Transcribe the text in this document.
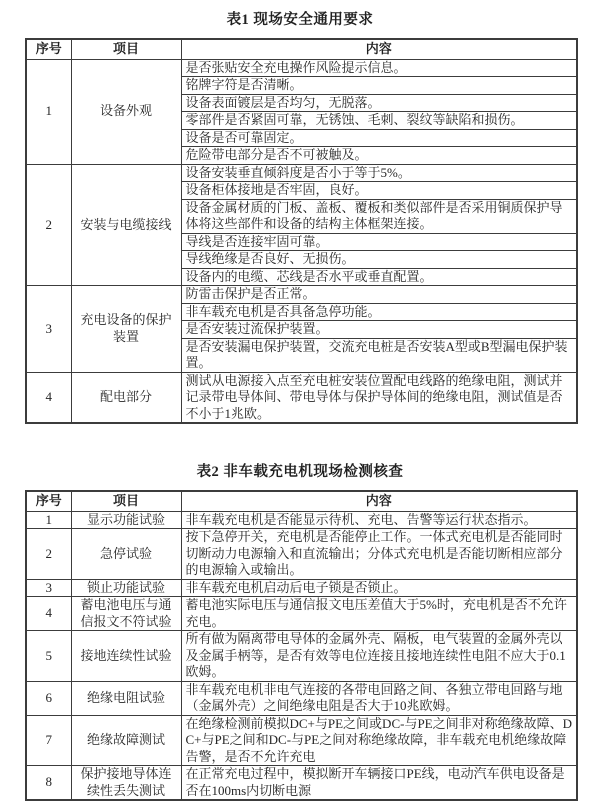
表1 现场安全通用要求
序号	项目	内容
1	设备外观	是否张贴安全充电操作风险提示信息。
		铭牌字符是否清晰。
		设备表面镀层是否均匀，无脱落。
		零部件是否紧固可靠，无锈蚀、毛刺、裂纹等缺陷和损伤。
		设备是否可靠固定。
		危险带电部分是否不可被触及。
2	安装与电缆接线	设备安装垂直倾斜度是否小于等于5%。
		设备柜体接地是否牢固，良好。
		设备金属材质的门板、盖板、覆板和类似部件是否采用铜质保护导体将这些部件和设备的结构主体框架连接。
		导线是否连接牢固可靠。
		导线绝缘是否良好、无损伤。
		设备内的电缆、芯线是否水平或垂直配置。
3	充电设备的保护装置	防雷击保护是否正常。
		非车载充电机是否具备急停功能。
		是否安装过流保护装置。
		是否安装漏电保护装置，交流充电桩是否安装A型或B型漏电保护装置。
4	配电部分	测试从电源接入点至充电桩安装位置配电线路的绝缘电阻，测试并记录带电导体间、带电导体与保护导体间的绝缘电阻，测试值是否不小于1兆欧。
表2 非车载充电机现场检测核查
序号	项目	内容
1	显示功能试验	非车载充电机是否能显示待机、充电、告警等运行状态指示。
2	急停试验	按下急停开关，充电机是否能停止工作。一体式充电机是否能同时切断动力电源输入和直流输出；分体式充电机是否能切断相应部分的电源输入或输出。
3	锁止功能试验	非车载充电机启动后电子锁是否锁止。
4	蓄电池电压与通信报文不符试验	蓄电池实际电压与通信报文电压差值大于5%时，充电机是否不允许充电。
5	接地连续性试验	所有做为隔离带电导体的金属外壳、隔板，电气装置的金属外壳以及金属手柄等，是否有效等电位连接且接地连续性电阻不应大于0.1欧姆。
6	绝缘电阻试验	非车载充电机非电气连接的各带电回路之间、各独立带电回路与地（金属外壳）之间绝缘电阻是否大于10兆欧姆。
7	绝缘故障测试	在绝缘检测前模拟DC+与PE之间或DC-与PE之间非对称绝缘故障、DC+与PE之间和DC-与PE之间对称绝缘故障，非车载充电机绝缘故障告警，是否不允许充电
8	保护接地导体连续性丢失测试	在正常充电过程中，模拟断开车辆接口PE线，电动汽车供电设备是否在100ms内切断电源
